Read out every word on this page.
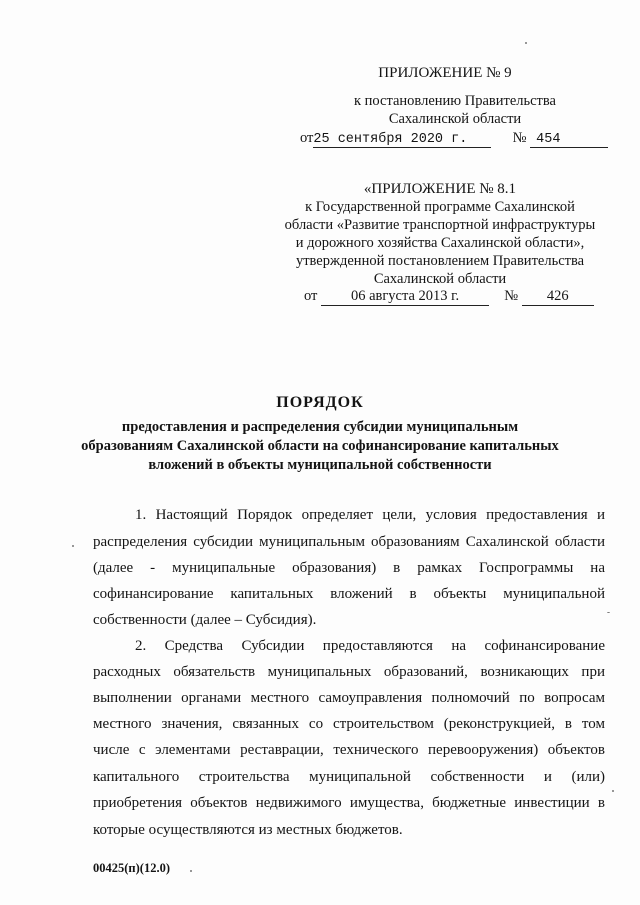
ПРИЛОЖЕНИЕ № 9
к постановлению Правительства
Сахалинской области
от25 сентября 2020 г.	№ 454
«ПРИЛОЖЕНИЕ № 8.1
к Государственной программе Сахалинской
области «Развитие транспортной инфраструктуры
и дорожного хозяйства Сахалинской области»,
утвержденной постановлением Правительства
Сахалинской области
от 06 августа 2013 г.	№ 426
ПОРЯДОК
предоставления и распределения субсидии муниципальным
образованиям Сахалинской области на софинансирование капитальных
вложений в объекты муниципальной собственности
1. Настоящий Порядок определяет цели, условия предоставления и
распределения субсидии муниципальным образованиям Сахалинской области
(далее - муниципальные образования) в рамках Госпрограммы на
софинансирование капитальных вложений в объекты муниципальной
собственности (далее – Субсидия).
2. Средства Субсидии предоставляются на софинансирование
расходных обязательств муниципальных образований, возникающих при
выполнении органами местного самоуправления полномочий по вопросам
местного значения, связанных со строительством (реконструкцией, в том
числе с элементами реставрации, технического перевооружения) объектов
капитального строительства муниципальной собственности и (или)
приобретения объектов недвижимого имущества, бюджетные инвестиции в
которые осуществляются из местных бюджетов.
00425(п)(12.0)
